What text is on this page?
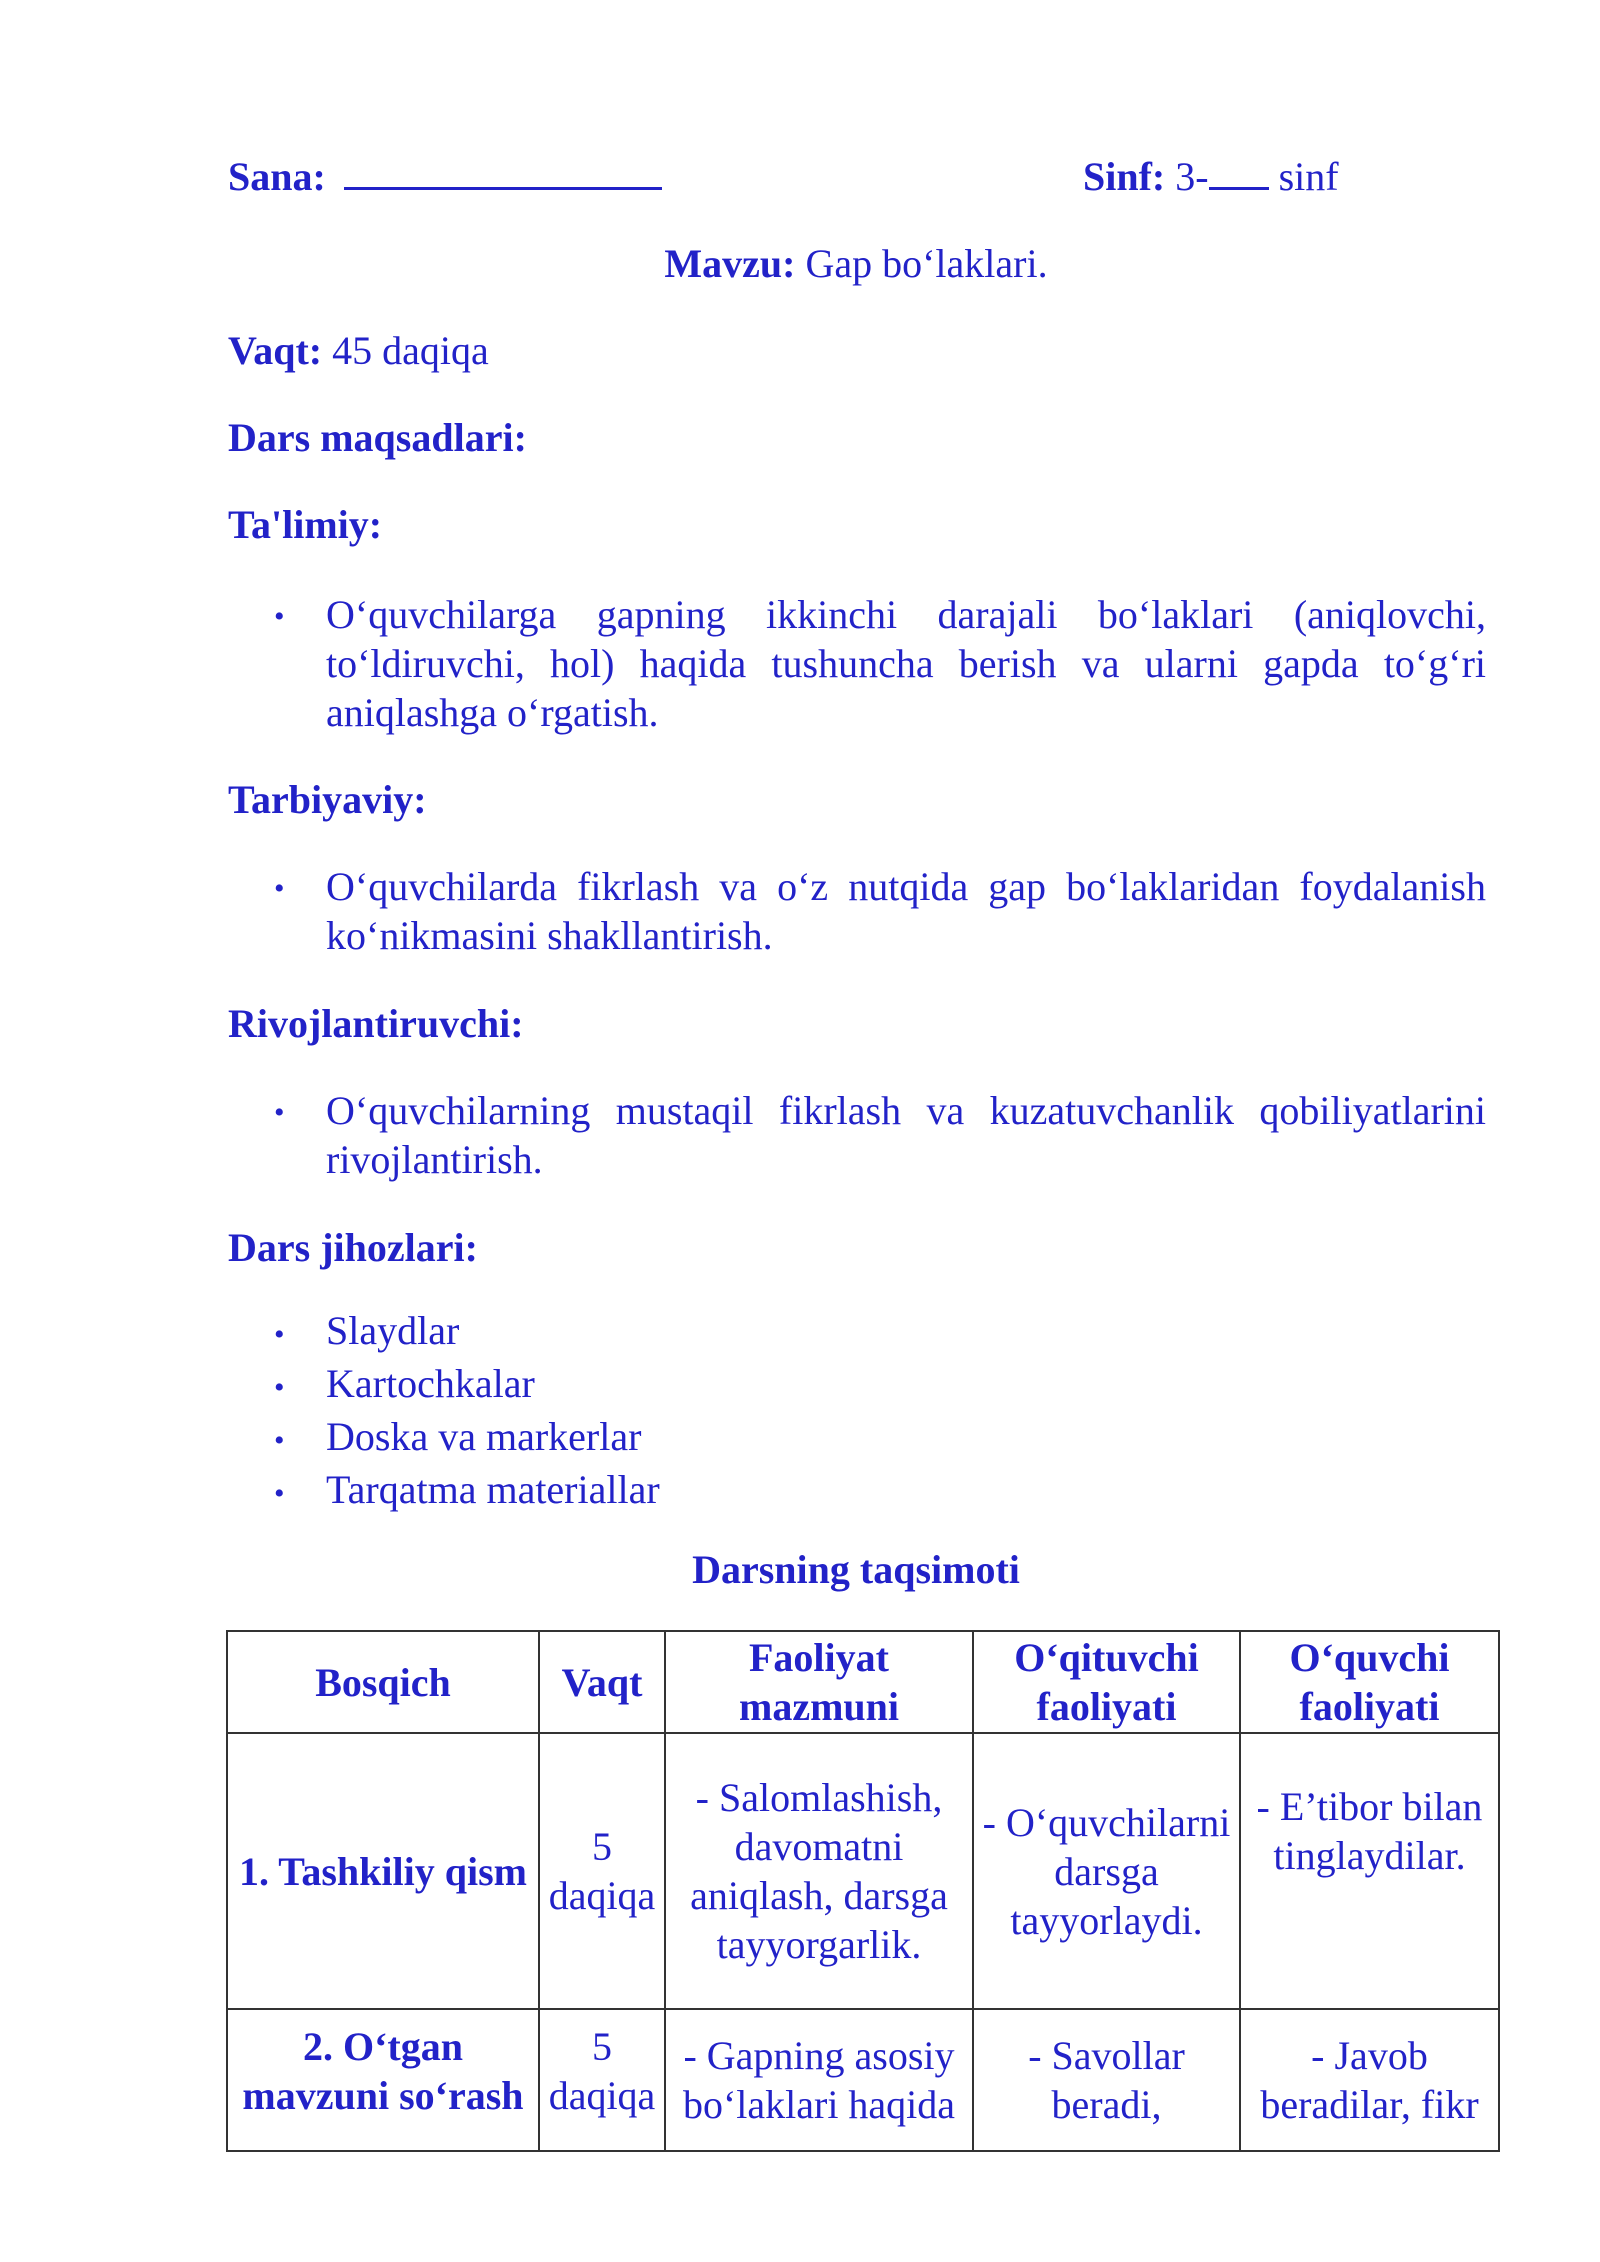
Sana:	Sinf: 3- sinf
Mavzu: Gap bo‘laklari.
Vaqt: 45 daqiqa
Dars maqsadlari:
Ta'limiy:
• O‘quvchilarga gapning ikkinchi darajali bo‘laklari (aniqlovchi, to‘ldiruvchi, hol) haqida tushuncha berish va ularni gapda to‘g‘ri aniqlashga o‘rgatish.
Tarbiyaviy:
• O‘quvchilarda fikrlash va o‘z nutqida gap bo‘laklaridan foydalanish ko‘nikmasini shakllantirish.
Rivojlantiruvchi:
• O‘quvchilarning mustaqil fikrlash va kuzatuvchanlik qobiliyatlarini rivojlantirish.
Dars jihozlari:
• Slaydlar
• Kartochkalar
• Doska va markerlar
• Tarqatma materiallar
Darsning taqsimoti
Bosqich	Vaqt	Faoliyat mazmuni	O‘qituvchi faoliyati	O‘quvchi faoliyati
1. Tashkiliy qism	5 daqiqa	- Salomlashish, davomatni aniqlash, darsga tayyorgarlik.	- O‘quvchilarni darsga tayyorlaydi.	- E’tibor bilan tinglaydilar.
2. O‘tgan mavzuni so‘rash	5 daqiqa	- Gapning asosiy bo‘laklari haqida	- Savollar beradi,	- Javob beradilar, fikr
